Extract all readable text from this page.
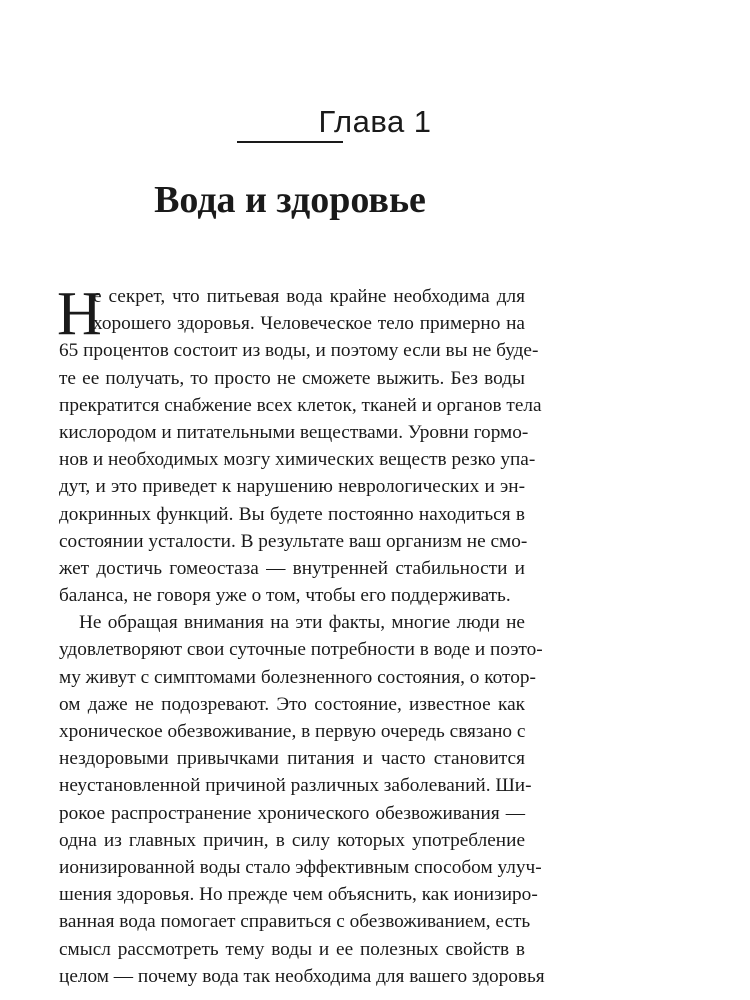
Глава 1
Вода и здоровье
Н
е секрет, что питьевая вода крайне необходима для
хорошего здоровья. Человеческое тело примерно на
65 процентов состоит из воды, и поэтому если вы не буде-
те ее получать, то просто не сможете выжить. Без воды
прекратится снабжение всех клеток, тканей и органов тела
кислородом и питательными веществами. Уровни гормо-
нов и необходимых мозгу химических веществ резко упа-
дут, и это приведет к нарушению неврологических и эн-
докринных функций. Вы будете постоянно находиться в
состоянии усталости. В результате ваш организм не смо-
жет достичь гомеостаза — внутренней стабильности и
баланса, не говоря уже о том, чтобы его поддерживать.
Не обращая внимания на эти факты, многие люди не
удовлетворяют свои суточные потребности в воде и поэто-
му живут с симптомами болезненного состояния, о котор-
ом даже не подозревают. Это состояние, известное как
хроническое обезвоживание, в первую очередь связано с
нездоровыми привычками питания и часто становится
неустановленной причиной различных заболеваний. Ши-
рокое распространение хронического обезвоживания —
одна из главных причин, в силу которых употребление
ионизированной воды стало эффективным способом улуч-
шения здоровья. Но прежде чем объяснить, как ионизиро-
ванная вода помогает справиться с обезвоживанием, есть
смысл рассмотреть тему воды и ее полезных свойств в
целом — почему вода так необходима для вашего здоровья
